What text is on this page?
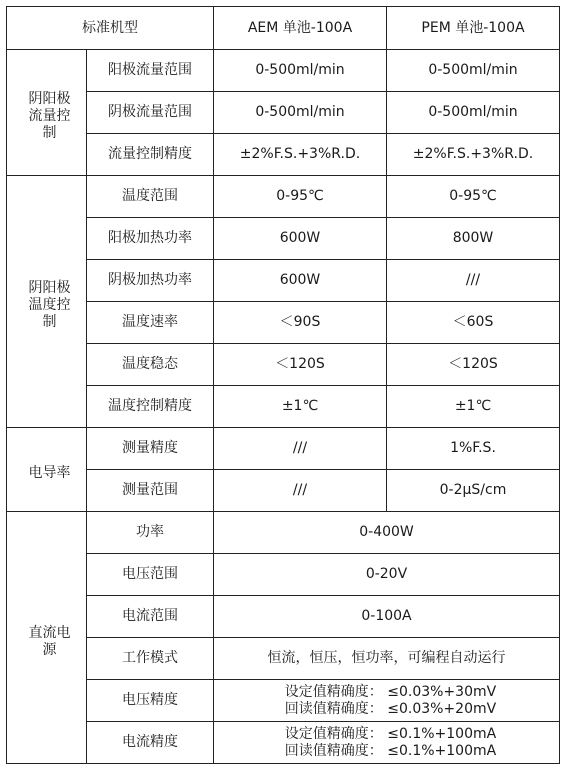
标准机型		AEM 单池-100A	PEM 单池-100A

阴阳极
流量控
制	阳极流量范围	0-500ml/min	0-500ml/min
	阴极流量范围	0-500ml/min	0-500ml/min
	流量控制精度	±2%F.S.+3%R.D.	±2%F.S.+3%R.D.

阴阳极
温度控
制	温度范围	0-95℃	0-95℃
	阳极加热功率	600W	800W
	阴极加热功率	600W	///
	温度速率	＜90S	＜60S
	温度稳态	＜120S	＜120S
	温度控制精度	±1℃	±1℃

电导率	测量精度	///	1%F.S.
	测量范围	///	0-2μS/cm

直流电
源	功率	0-400W	
	电压范围	0-20V	
	电流范围	0-100A	
	工作模式	恒流，恒压，恒功率，可编程自动运行	
	电压精度	设定值精确度： ≤0.03%+30mV
回读值精确度： ≤0.03%+20mV	

	电流精度	设定值精确度： ≤0.1%+100mA
回读值精确度： ≤0.1%+100mA	
